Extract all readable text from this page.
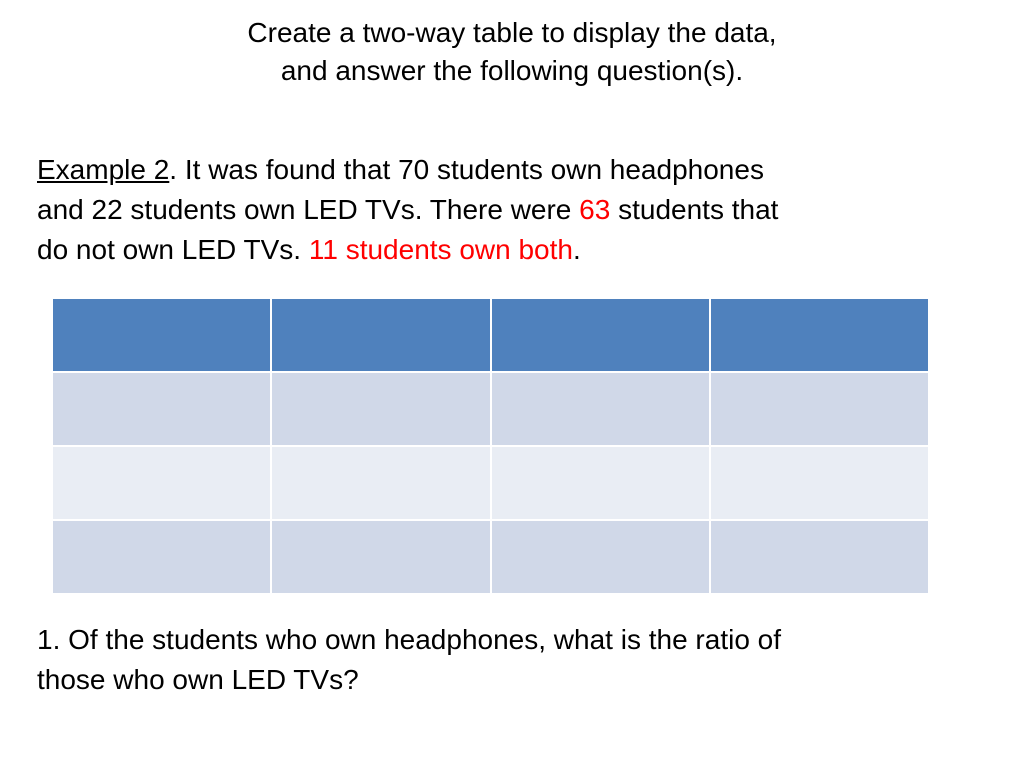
Create a two-way table to display the data,
and answer the following question(s).
Example 2. It was found that 70 students own headphones
and 22 students own LED TVs. There were 63 students that
do not own LED TVs. 11 students own both.

1. Of the students who own headphones, what is the ratio of
those who own LED TVs?
